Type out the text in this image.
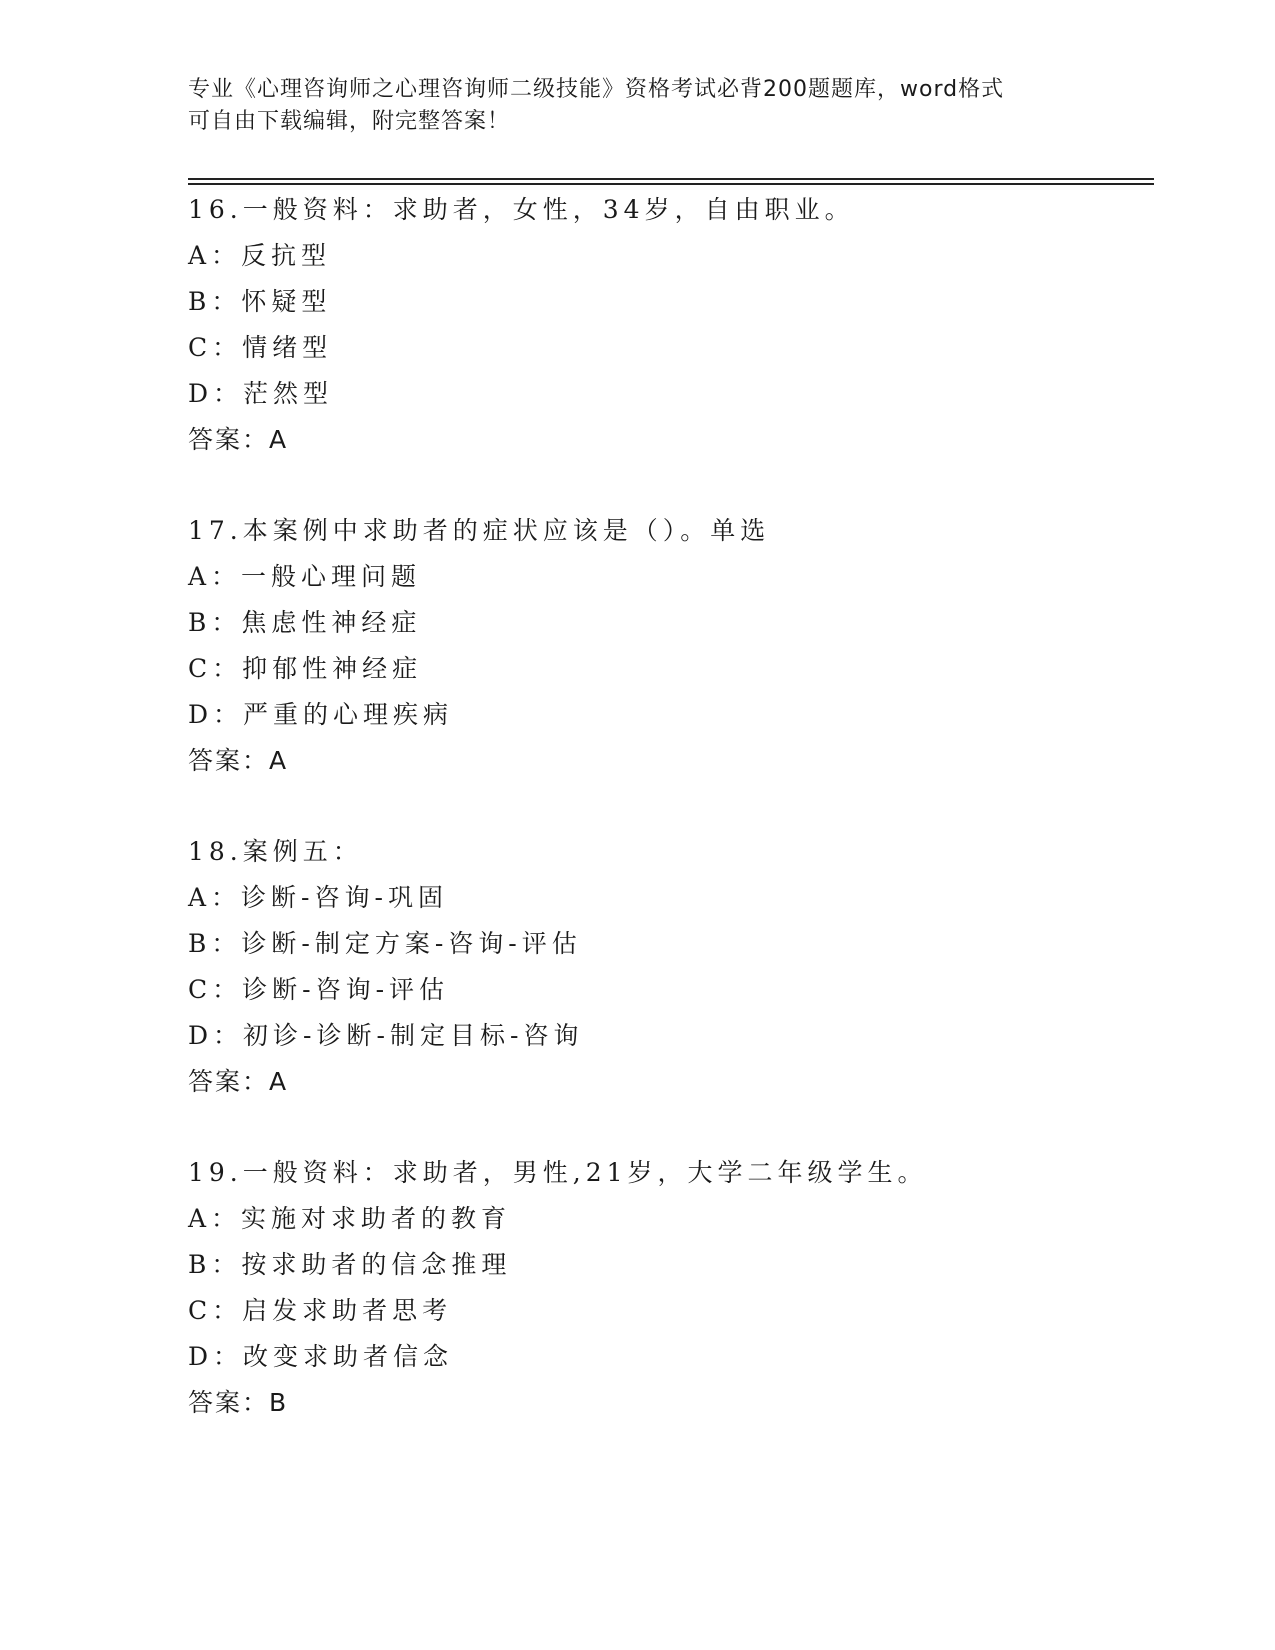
专业《心理咨询师之心理咨询师二级技能》资格考试必背200题题库，word格式
可自由下载编辑，附完整答案！
16.一般资料：求助者，女性，34岁，自由职业。
A：反抗型
B：怀疑型
C：情绪型
D：茫然型
答案：A
17.本案例中求助者的症状应该是（）。单选
A：一般心理问题
B：焦虑性神经症
C：抑郁性神经症
D：严重的心理疾病
答案：A
18.案例五：
A：诊断-咨询-巩固
B：诊断-制定方案-咨询-评估
C：诊断-咨询-评估
D：初诊-诊断-制定目标-咨询
答案：A
19.一般资料：求助者，男性,21岁，大学二年级学生。
A：实施对求助者的教育
B：按求助者的信念推理
C：启发求助者思考
D：改变求助者信念
答案：B
